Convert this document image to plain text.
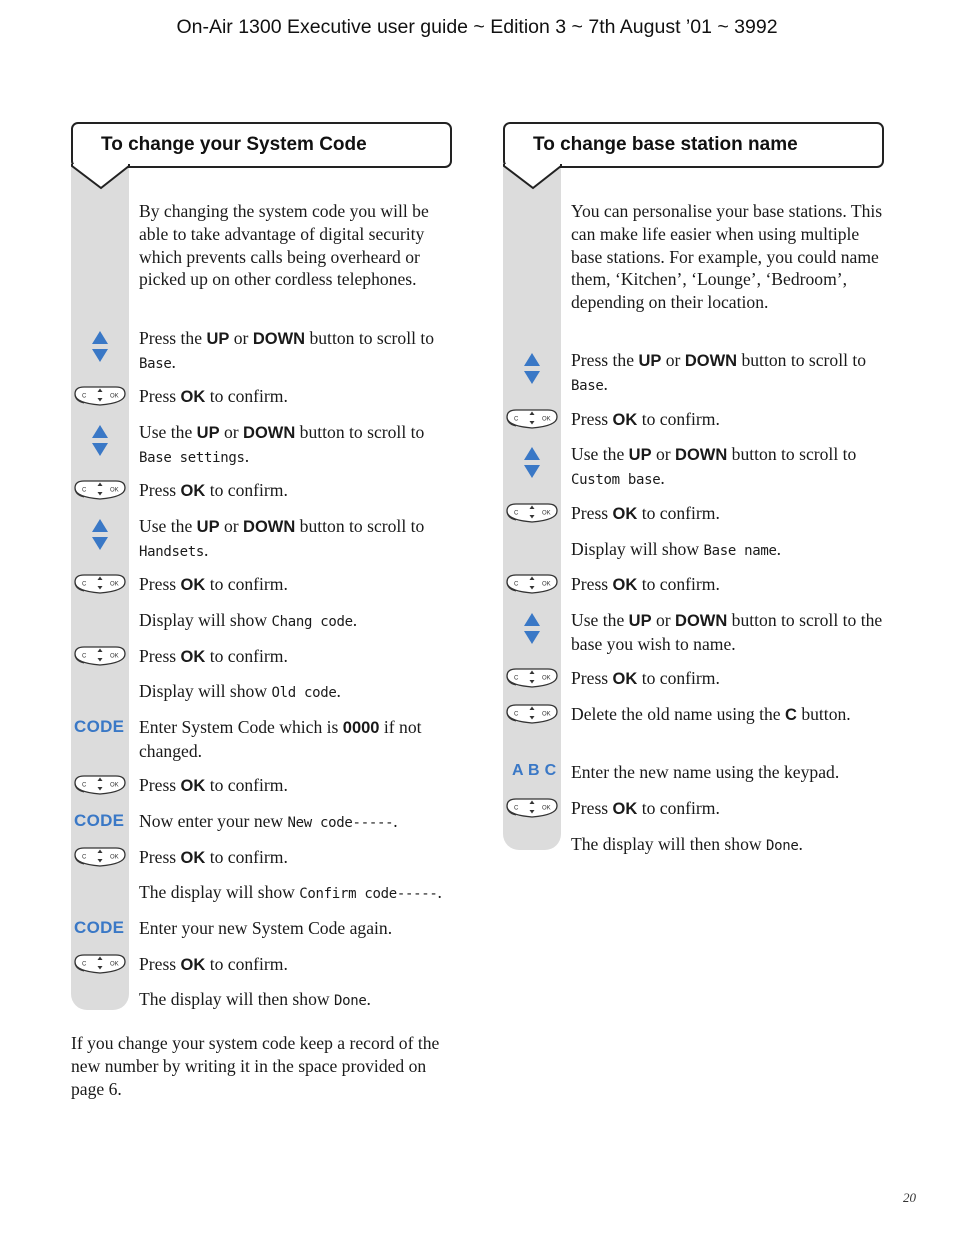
On-Air 1300 Executive user guide ~ Edition 3 ~ 7th August ’01 ~ 3992
To change your System Code
By changing the system code you will be able to take advantage of digital security which prevents calls being overheard or picked up on other cordless telephones.
Press the UP or DOWN button to scroll to Base.
Press OK to confirm.
C	OK
Use the UP or DOWN button to scroll to Base settings.
Press OK to confirm.
C	OK
Use the UP or DOWN button to scroll to Handsets.
Press OK to confirm.
C	OK
Display will show Chang code.
Press OK to confirm.
C	OK
Display will show Old code.
Enter System Code which is 0000 if not changed.
CODE
Press OK to confirm.
C	OK
Now enter your new New code-----.
CODE
Press OK to confirm.
C	OK
The display will show Confirm code-----.
Enter your new System Code again.
CODE
Press OK to confirm.
C	OK
The display will then show Done.
If you change your system code keep a record of the new number by writing it in the space provided on page 6.
To change base station name
You can personalise your base stations. This can make life easier when using multiple base stations. For example, you could name them, ‘Kitchen’, ‘Lounge’, ‘Bedroom’, depending on their location.
Press the UP or DOWN button to scroll to Base.
Press OK to confirm.
C	OK
Use the UP or DOWN button to scroll to Custom base.
Press OK to confirm.
C	OK
Display will show Base name.
Press OK to confirm.
C	OK
Use the UP or DOWN button to scroll to the base you wish to name.
Press OK to confirm.
C	OK
Delete the old name using the C button.
C	OK
Enter the new name using the keypad.
A B C
Press OK to confirm.
C	OK
The display will then show Done.
20
